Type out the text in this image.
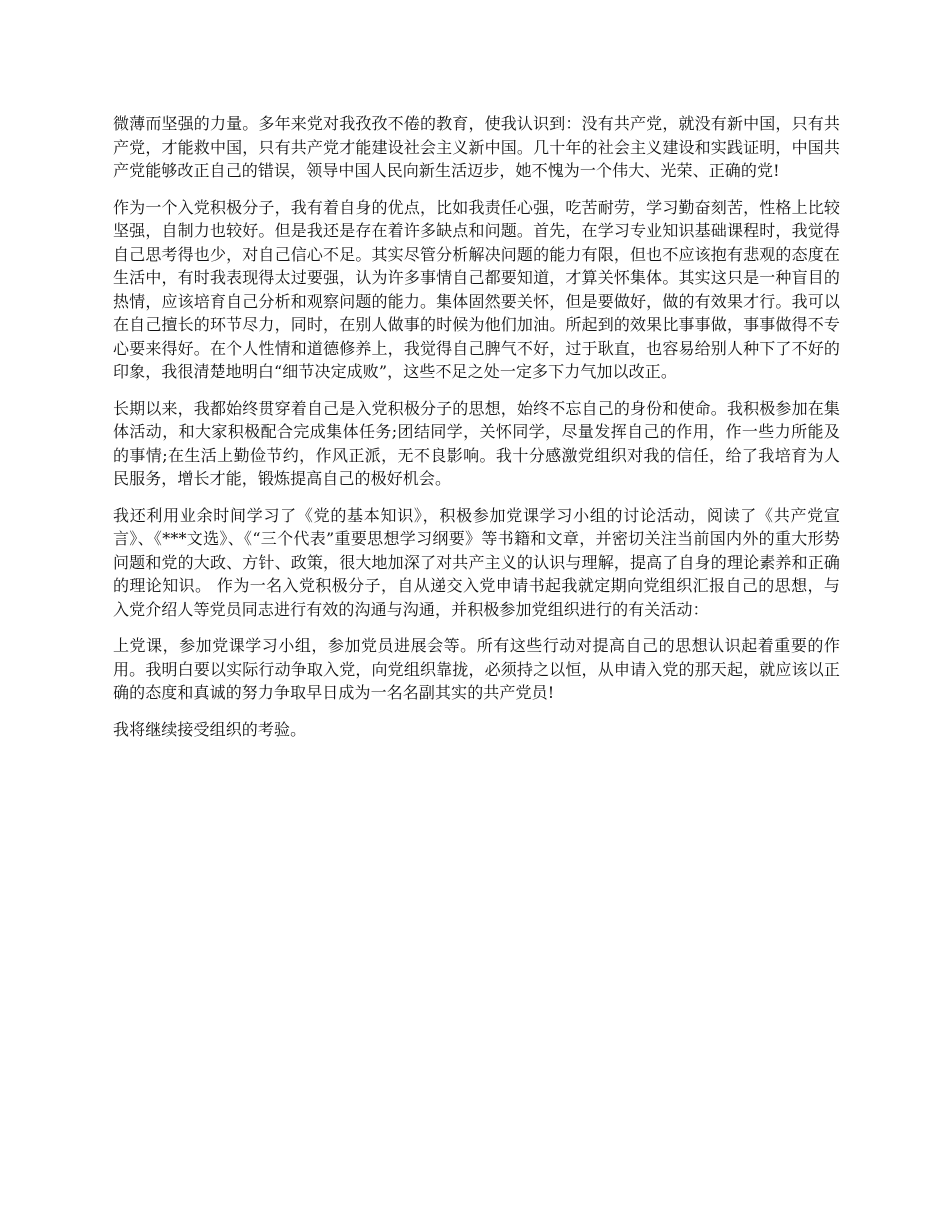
微薄而坚强的力量。多年来党对我孜孜不倦的教育，使我认识到：没有共产党，就没有新中国，只有共产党，才能救中国，只有共产党才能建设社会主义新中国。几十年的社会主义建设和实践证明，中国共产党能够改正自己的错误，领导中国人民向新生活迈步，她不愧为一个伟大、光荣、正确的党!

作为一个入党积极分子，我有着自身的优点，比如我责任心强，吃苦耐劳，学习勤奋刻苦，性格上比较坚强，自制力也较好。但是我还是存在着许多缺点和问题。首先，在学习专业知识基础课程时，我觉得自己思考得也少，对自己信心不足。其实尽管分析解决问题的能力有限，但也不应该抱有悲观的态度在生活中，有时我表现得太过要强，认为许多事情自己都要知道，才算关怀集体。其实这只是一种盲目的热情，应该培育自己分析和观察问题的能力。集体固然要关怀，但是要做好，做的有效果才行。我可以在自己擅长的环节尽力，同时，在别人做事的时候为他们加油。所起到的效果比事事做，事事做得不专心要来得好。在个人性情和道德修养上，我觉得自己脾气不好，过于耿直，也容易给别人种下了不好的印象，我很清楚地明白“细节决定成败”，这些不足之处一定多下力气加以改正。

长期以来，我都始终贯穿着自己是入党积极分子的思想，始终不忘自己的身份和使命。我积极参加在集体活动，和大家积极配合完成集体任务;团结同学，关怀同学，尽量发挥自己的作用，作一些力所能及的事情;在生活上勤俭节约，作风正派，无不良影响。我十分感激党组织对我的信任，给了我培育为人民服务，增长才能，锻炼提高自己的极好机会。

我还利用业余时间学习了《党的基本知识》，积极参加党课学习小组的讨论活动，阅读了《共产党宣言》、《***文选》、《“三个代表”重要思想学习纲要》等书籍和文章，并密切关注当前国内外的重大形势问题和党的大政、方针、政策，很大地加深了对共产主义的认识与理解，提高了自身的理论素养和正确的理论知识。 作为一名入党积极分子，自从递交入党申请书起我就定期向党组织汇报自己的思想，与入党介绍人等党员同志进行有效的沟通与沟通，并积极参加党组织进行的有关活动：

上党课，参加党课学习小组，参加党员进展会等。所有这些行动对提高自己的思想认识起着重要的作用。我明白要以实际行动争取入党，向党组织靠拢，必须持之以恒，从申请入党的那天起，就应该以正确的态度和真诚的努力争取早日成为一名名副其实的共产党员!

我将继续接受组织的考验。
